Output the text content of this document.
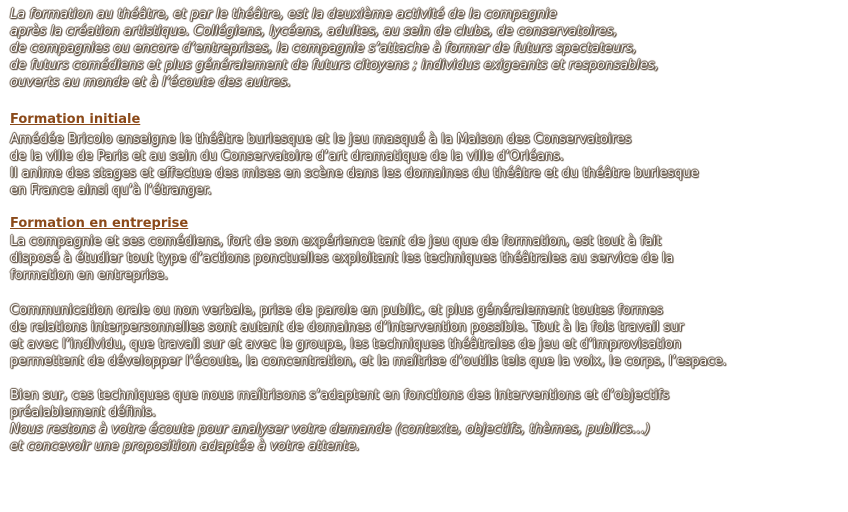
La formation au théâtre, et par le théâtre, est la deuxième activité de la compagnie
après la création artistique. Collégiens, lycéens, adultes, au sein de clubs, de conservatoires,
de compagnies ou encore d’entreprises, la compagnie s’attache à former de futurs spectateurs,
de futurs comédiens et plus généralement de futurs citoyens ; individus exigeants et responsables,
ouverts au monde et à l’écoute des autres.
Formation initiale
Amédée Bricolo enseigne le théâtre burlesque et le jeu masqué à la Maison des Conservatoires
de la ville de Paris et au sein du Conservatoire d’art dramatique de la ville d’Orléans.
Il anime des stages et effectue des mises en scène dans les domaines du théâtre et du théâtre burlesque
en France ainsi qu’à l’étranger.
Formation en entreprise
La compagnie et ses comédiens, fort de son expérience tant de jeu que de formation, est tout à fait
disposé à étudier tout type d’actions ponctuelles exploitant les techniques théâtrales au service de la
formation en entreprise.
Communication orale ou non verbale, prise de parole en public, et plus généralement toutes formes
de relations interpersonnelles sont autant de domaines d’intervention possible. Tout à la fois travail sur
et avec l’individu, que travail sur et avec le groupe, les techniques théâtrales de jeu et d’improvisation
permettent de développer l’écoute, la concentration, et la maîtrise d’outils tels que la voix, le corps, l’espace.
Bien sur, ces techniques que nous maîtrisons s’adaptent en fonctions des interventions et d’objectifs
préalablement définis.
Nous restons à votre écoute pour analyser votre demande (contexte, objectifs, thèmes, publics…)
et concevoir une proposition adaptée à votre attente.
